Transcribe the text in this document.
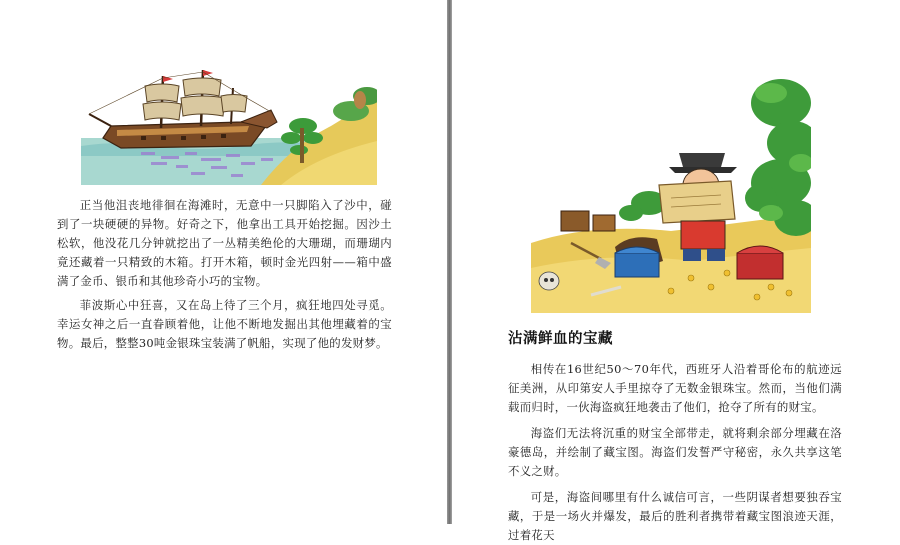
正当他沮丧地徘徊在海滩时，无意中一只脚陷入了沙中，碰到了一块硬硬的异物。好奇之下，他拿出工具开始挖掘。因沙土松软，他没花几分钟就挖出了一丛精美绝伦的大珊瑚，而珊瑚内竟还藏着一只精致的木箱。打开木箱，顿时金光四射——箱中盛满了金币、银币和其他珍奇小巧的宝物。

菲波斯心中狂喜，又在岛上待了三个月，疯狂地四处寻觅。幸运女神之后一直眷顾着他，让他不断地发掘出其他埋藏着的宝物。最后，整整30吨金银珠宝装满了帆船，实现了他的发财梦。	沾满鲜血的宝藏

相传在16世纪50～70年代，西班牙人沿着哥伦布的航迹远征美洲，从印第安人手里掠夺了无数金银珠宝。然而，当他们满载而归时，一伙海盗疯狂地袭击了他们，抢夺了所有的财宝。

海盗们无法将沉重的财宝全部带走，就将剩余部分埋藏在洛豪德岛，并绘制了藏宝图。海盗们发誓严守秘密，永久共享这笔不义之财。

可是，海盗间哪里有什么诚信可言，一些阴谋者想要独吞宝藏，于是一场火并爆发，最后的胜利者携带着藏宝图浪迹天涯，过着花天
